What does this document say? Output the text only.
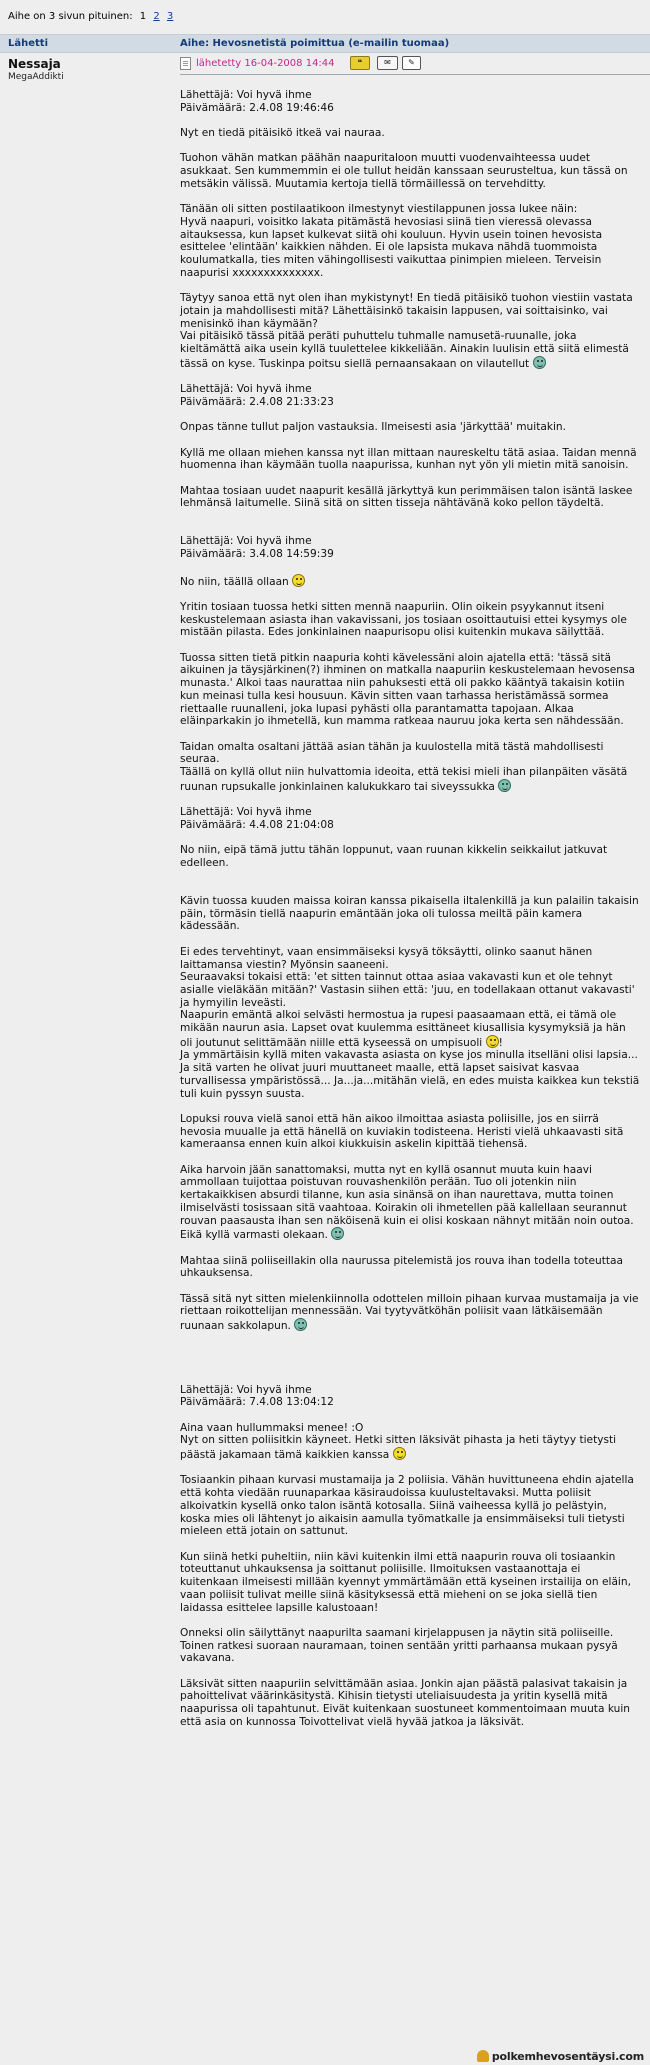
Aihe on 3 sivun pituinen: 1 2 3
Lähetti	Aihe: Hevosnetistä poimittua (e-mailin tuomaa)
Nessaja
MegaAddikti
lähetetty 16-04-2008 14:44	❝	✉	✎

Lähettäjä: Voi hyvä ihme
Päivämäärä: 2.4.08 19:46:46

Nyt en tiedä pitäisikö itkeä vai nauraa.

Tuohon vähän matkan päähän naapuritaloon muutti vuodenvaihteessa uudet asukkaat. Sen kummemmin ei ole tullut heidän kanssaan seurusteltua, kun tässä on metsäkin välissä. Muutamia kertoja tiellä törmäillessä on tervehditty.

Tänään oli sitten postilaatikoon ilmestynyt viestilappunen jossa lukee näin:
Hyvä naapuri, voisitko lakata pitämästä hevosiasi siinä tien vieressä olevassa aitauksessa, kun lapset kulkevat siitä ohi kouluun. Hyvin usein toinen hevosista esittelee 'elintään' kaikkien nähden. Ei ole lapsista mukava nähdä tuommoista koulumatkalla, ties miten vähingollisesti vaikuttaa pinimpien mieleen. Terveisin naapurisi xxxxxxxxxxxxxx.

Täytyy sanoa että nyt olen ihan mykistynyt! En tiedä pitäisikö tuohon viestiin vastata jotain ja mahdollisesti mitä? Lähettäisinkö takaisin lappusen, vai soittaisinko, vai menisinkö ihan käymään?
Vai pitäisikö tässä pitää peräti puhuttelu tuhmalle namusetä-ruunalle, joka kieltämättä aika usein kyllä tuulettelee kikkeliään. Ainakin luulisin että siitä elimestä tässä on kyse. Tuskinpa poitsu siellä pernaansakaan on vilautellut

Lähettäjä: Voi hyvä ihme
Päivämäärä: 2.4.08 21:33:23

Onpas tänne tullut paljon vastauksia. Ilmeisesti asia 'järkyttää' muitakin.

Kyllä me ollaan miehen kanssa nyt illan mittaan naureskeltu tätä asiaa. Taidan mennä huomenna ihan käymään tuolla naapurissa, kunhan nyt yön yli mietin mitä sanoisin.

Mahtaa tosiaan uudet naapurit kesällä järkyttyä kun perimmäisen talon isäntä laskee lehmänsä laitumelle. Siinä sitä on sitten tisseja nähtävänä koko pellon täydeltä.

Lähettäjä: Voi hyvä ihme
Päivämäärä: 3.4.08 14:59:39

No niin, täällä ollaan

Yritin tosiaan tuossa hetki sitten mennä naapuriin. Olin oikein psyykannut itseni keskustelemaan asiasta ihan vakavissani, jos tosiaan osoittautuisi ettei kysymys ole mistään pilasta. Edes jonkinlainen naapurisopu olisi kuitenkin mukava säilyttää.

Tuossa sitten tietä pitkin naapuria kohti kävelessäni aloin ajatella että: 'tässä sitä aikuinen ja täysjärkinen(?) ihminen on matkalla naapuriin keskustelemaan hevosensa munasta.' Alkoi taas naurattaa niin pahuksesti että oli pakko kääntyä takaisin kotiin kun meinasi tulla kesi housuun. Kävin sitten vaan tarhassa heristämässä sormea riettaalle ruunalleni, joka lupasi pyhästi olla parantamatta tapojaan. Alkaa eläinparkakin jo ihmetellä, kun mamma ratkeaa nauruu joka kerta sen nähdessään.

Taidan omalta osaltani jättää asian tähän ja kuulostella mitä tästä mahdollisesti seuraa.
Täällä on kyllä ollut niin hulvattomia ideoita, että tekisi mieli ihan pilanpäiten väsätä ruunan rupsukalle jonkinlainen kalukukkaro tai siveyssukka

Lähettäjä: Voi hyvä ihme
Päivämäärä: 4.4.08 21:04:08

No niin, eipä tämä juttu tähän loppunut, vaan ruunan kikkelin seikkailut jatkuvat edelleen.

Kävin tuossa kuuden maissa koiran kanssa pikaisella iltalenkillä ja kun palailin takaisin päin, törmäsin tiellä naapurin emäntään joka oli tulossa meiltä päin kamera kädessään.

Ei edes tervehtinyt, vaan ensimmäiseksi kysyä töksäytti, olinko saanut hänen laittamansa viestin? Myönsin saaneeni.
Seuraavaksi tokaisi että: 'et sitten tainnut ottaa asiaa vakavasti kun et ole tehnyt asialle vieläkään mitään?' Vastasin siihen että: 'juu, en todellakaan ottanut vakavasti' ja hymyilin leveästi.
Naapurin emäntä alkoi selvästi hermostua ja rupesi paasaamaan että, ei tämä ole mikään naurun asia. Lapset ovat kuulemma esittäneet kiusallisia kysymyksiä ja hän oli joutunut selittämään niille että kyseessä on umpisuoli !
Ja ymmärtäisin kyllä miten vakavasta asiasta on kyse jos minulla itselläni olisi lapsia...
Ja sitä varten he olivat juuri muuttaneet maalle, että lapset saisivat kasvaa turvallisessa ympäristössä... Ja...ja...mitähän vielä, en edes muista kaikkea kun tekstiä tuli kuin pyssyn suusta.

Lopuksi rouva vielä sanoi että hän aikoo ilmoittaa asiasta poliisille, jos en siirrä hevosia muualle ja että hänellä on kuviakin todisteena. Heristi vielä uhkaavasti sitä kameraansa ennen kuin alkoi kiukkuisin askelin kipittää tiehensä.

Aika harvoin jään sanattomaksi, mutta nyt en kyllä osannut muuta kuin haavi ammollaan tuijottaa poistuvan rouvashenkilön perään. Tuo oli jotenkin niin kertakaikkisen absurdi tilanne, kun asia sinänsä on ihan naurettava, mutta toinen ilmiselvästi tosissaan sitä vaahtoaa. Koirakin oli ihmetellen pää kallellaan seurannut rouvan paasausta ihan sen näköisenä kuin ei olisi koskaan nähnyt mitään noin outoa. Eikä kyllä varmasti olekaan.

Mahtaa siinä poliiseillakin olla naurussa pitelemistä jos rouva ihan todella toteuttaa uhkauksensa.

Tässä sitä nyt sitten mielenkiinnolla odottelen milloin pihaan kurvaa mustamaija ja vie riettaan roikottelijan mennessään. Vai tyytyvätköhän poliisit vaan lätkäisemään ruunaan sakkolapun.

Lähettäjä: Voi hyvä ihme
Päivämäärä: 7.4.08 13:04:12

Aina vaan hullummaksi menee! :O
Nyt on sitten poliisitkin käyneet. Hetki sitten läksivät pihasta ja heti täytyy tietysti päästä jakamaan tämä kaikkien kanssa

Tosiaankin pihaan kurvasi mustamaija ja 2 poliisia. Vähän huvittuneena ehdin ajatella että kohta viedään ruunaparkaa käsiraudoissa kuulusteltavaksi. Mutta poliisit alkoivatkin kysellä onko talon isäntä kotosalla. Siinä vaiheessa kyllä jo pelästyin, koska mies oli lähtenyt jo aikaisin aamulla työmatkalle ja ensimmäiseksi tuli tietysti mieleen että jotain on sattunut.

Kun siinä hetki puheltiin, niin kävi kuitenkin ilmi että naapurin rouva oli tosiaankin toteuttanut uhkauksensa ja soittanut poliisille. Ilmoituksen vastaanottaja ei kuitenkaan ilmeisesti millään kyennyt ymmärtämään että kyseinen irstailija on eläin, vaan poliisit tulivat meille siinä käsityksessä että mieheni on se joka siellä tien laidassa esittelee lapsille kalustoaan!

Onneksi olin säilyttänyt naapurilta saamani kirjelappusen ja näytin sitä poliiseille. Toinen ratkesi suoraan nauramaan, toinen sentään yritti parhaansa mukaan pysyä vakavana.

Läksivät sitten naapuriin selvittämään asiaa. Jonkin ajan päästä palasivat takaisin ja pahoittelivat väärinkäsitystä. Kihisin tietysti uteliaisuudesta ja yritin kysellä mitä naapurissa oli tapahtunut. Eivät kuitenkaan suostuneet kommentoimaan muuta kuin että asia on kunnossa Toivottelivat vielä hyvää jatkoa ja läksivät.

polkemhevosentäysi.com
